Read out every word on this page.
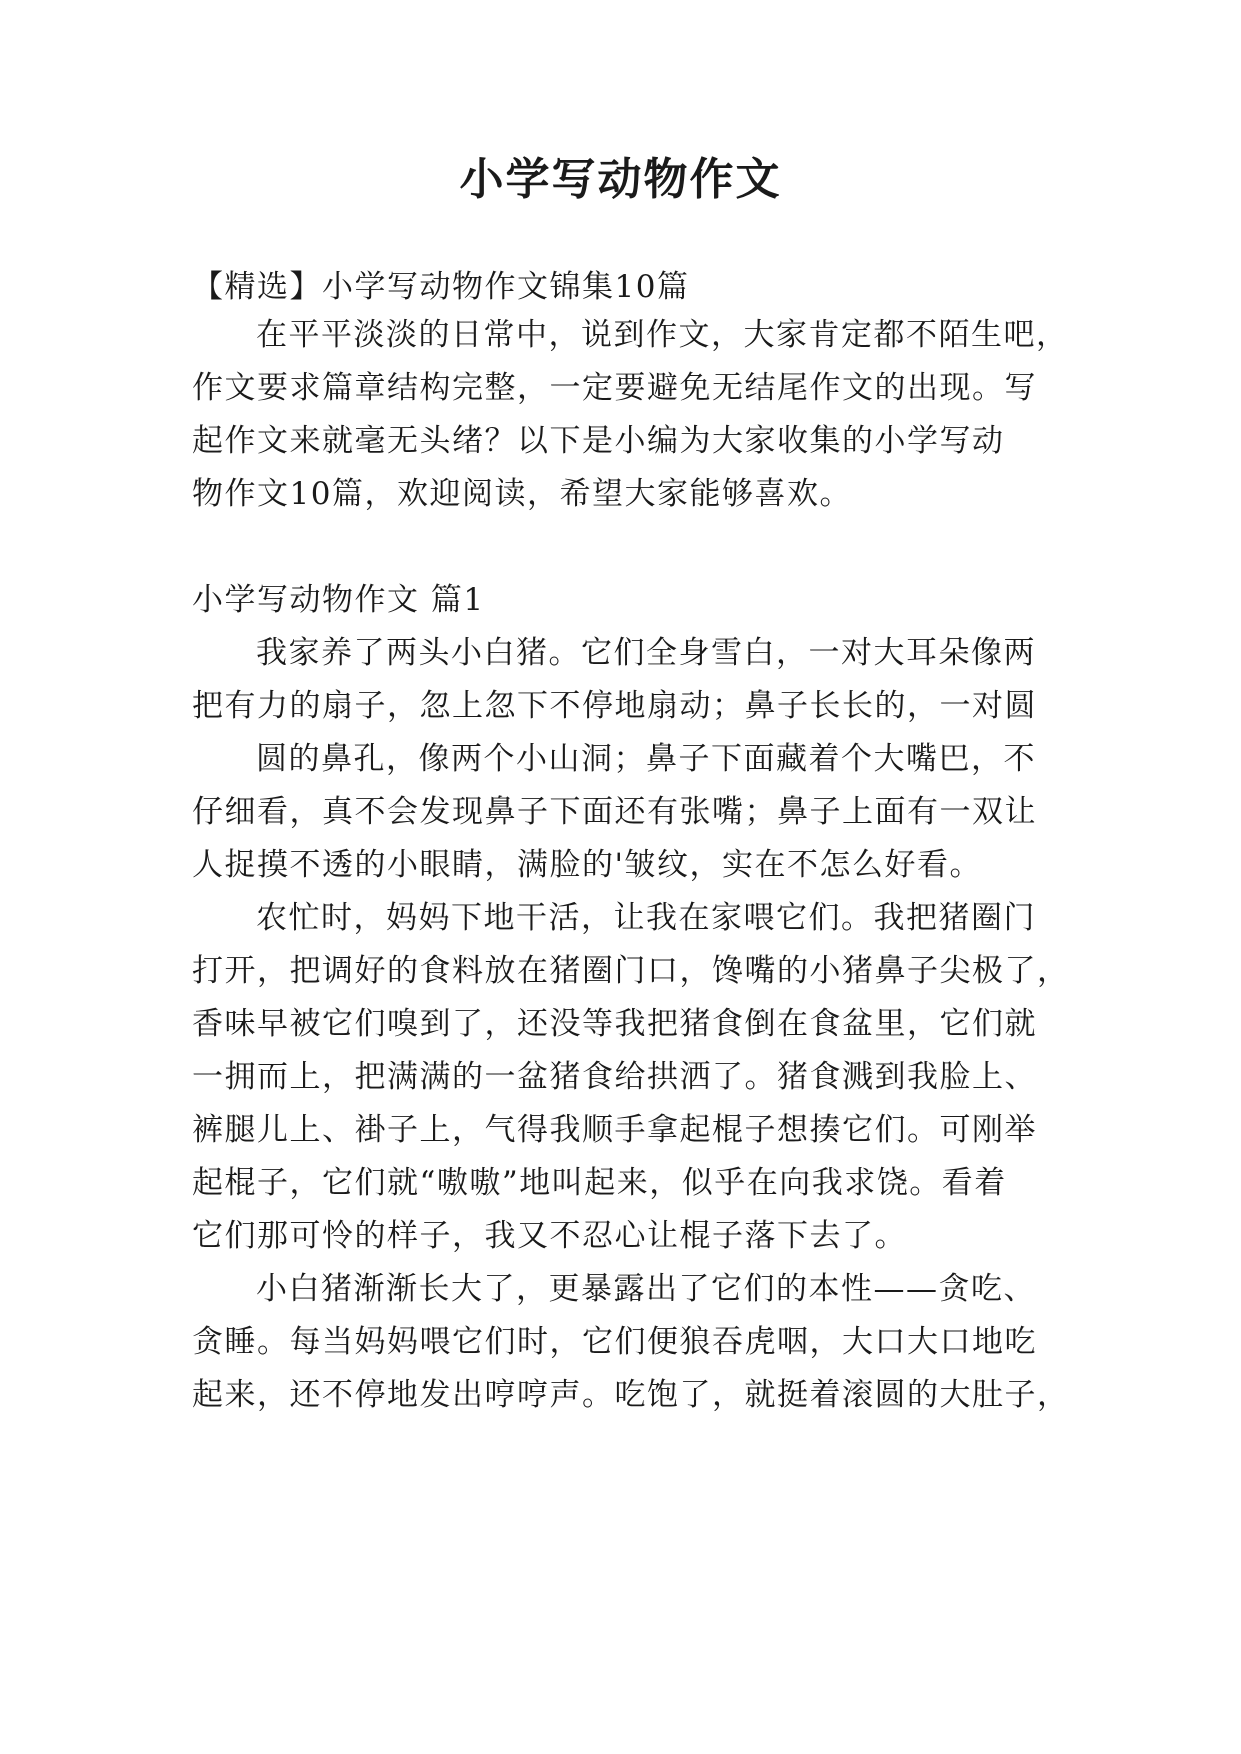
小学写动物作文

【精选】小学写动物作文锦集10篇

在平平淡淡的日常中，说到作文，大家肯定都不陌生吧，

作文要求篇章结构完整，一定要避免无结尾作文的出现。写

起作文来就毫无头绪？以下是小编为大家收集的小学写动

物作文10篇，欢迎阅读，希望大家能够喜欢。

小学写动物作文 篇1

我家养了两头小白猪。它们全身雪白，一对大耳朵像两

把有力的扇子，忽上忽下不停地扇动；鼻子长长的，一对圆

圆的鼻孔，像两个小山洞；鼻子下面藏着个大嘴巴，不

仔细看，真不会发现鼻子下面还有张嘴；鼻子上面有一双让

人捉摸不透的小眼睛，满脸的'皱纹，实在不怎么好看。

农忙时，妈妈下地干活，让我在家喂它们。我把猪圈门

打开，把调好的食料放在猪圈门口，馋嘴的小猪鼻子尖极了，

香味早被它们嗅到了，还没等我把猪食倒在食盆里，它们就

一拥而上，把满满的一盆猪食给拱洒了。猪食溅到我脸上、

裤腿儿上、褂子上，气得我顺手拿起棍子想揍它们。可刚举

起棍子，它们就“嗷嗷”地叫起来，似乎在向我求饶。看着

它们那可怜的样子，我又不忍心让棍子落下去了。

小白猪渐渐长大了，更暴露出了它们的本性——贪吃、

贪睡。每当妈妈喂它们时，它们便狼吞虎咽，大口大口地吃

起来，还不停地发出哼哼声。吃饱了，就挺着滚圆的大肚子，
